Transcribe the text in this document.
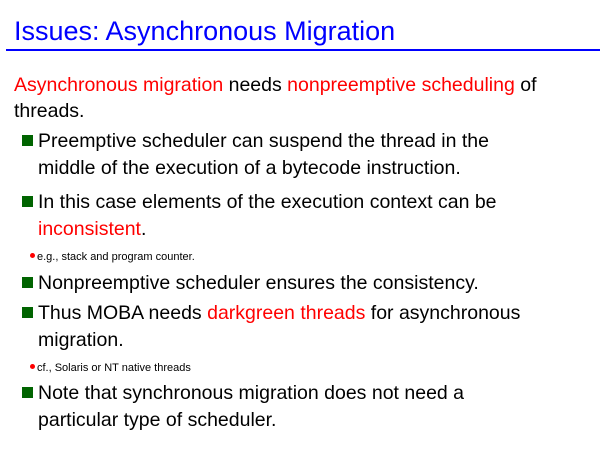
Issues: Asynchronous Migration
Asynchronous migration needs nonpreemptive scheduling of
threads.
Preemptive scheduler can suspend the thread in the
middle of the execution of a bytecode instruction.
In this case elements of the execution context can be
inconsistent.
e.g., stack and program counter.
Nonpreemptive scheduler ensures the consistency.
Thus MOBA needs darkgreen threads for asynchronous
migration.
cf., Solaris or NT native threads
Note that synchronous migration does not need a
particular type of scheduler.
